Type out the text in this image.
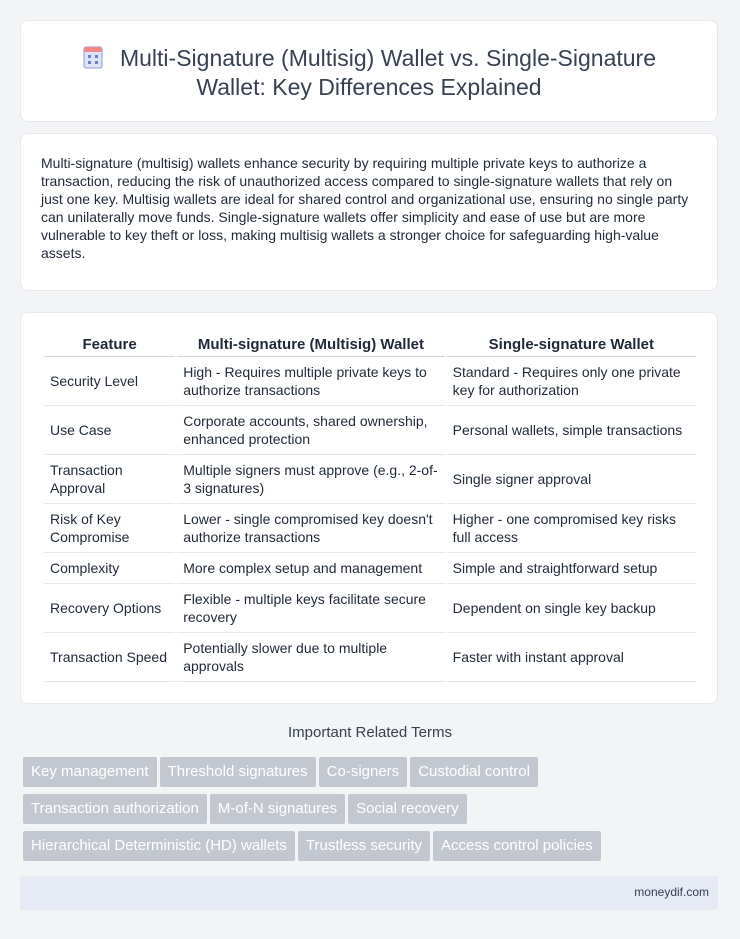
Multi-Signature (Multisig) Wallet vs. Single-Signature
Wallet: Key Differences Explained
Multi-signature (multisig) wallets enhance security by requiring multiple private keys to authorize a transaction, reducing the risk of unauthorized access compared to single-signature wallets that rely on just one key. Multisig wallets are ideal for shared control and organizational use, ensuring no single party can unilaterally move funds. Single-signature wallets offer simplicity and ease of use but are more vulnerable to key theft or loss, making multisig wallets a stronger choice for safeguarding high-value assets.
Feature	Multi-signature (Multisig) Wallet	Single-signature Wallet
Security Level	High - Requires multiple private keys to authorize transactions	Standard - Requires only one private key for authorization
Use Case	Corporate accounts, shared ownership, enhanced protection	Personal wallets, simple transactions
Transaction Approval	Multiple signers must approve (e.g., 2-of-3 signatures)	Single signer approval
Risk of Key Compromise	Lower - single compromised key doesn't authorize transactions	Higher - one compromised key risks full access
Complexity	More complex setup and management	Simple and straightforward setup
Recovery Options	Flexible - multiple keys facilitate secure recovery	Dependent on single key backup
Transaction Speed	Potentially slower due to multiple approvals	Faster with instant approval
Important Related Terms
Key management Threshold signatures Co-signers Custodial control
Transaction authorization M-of-N signatures Social recovery
Hierarchical Deterministic (HD) wallets Trustless security Access control policies
moneydif.com
